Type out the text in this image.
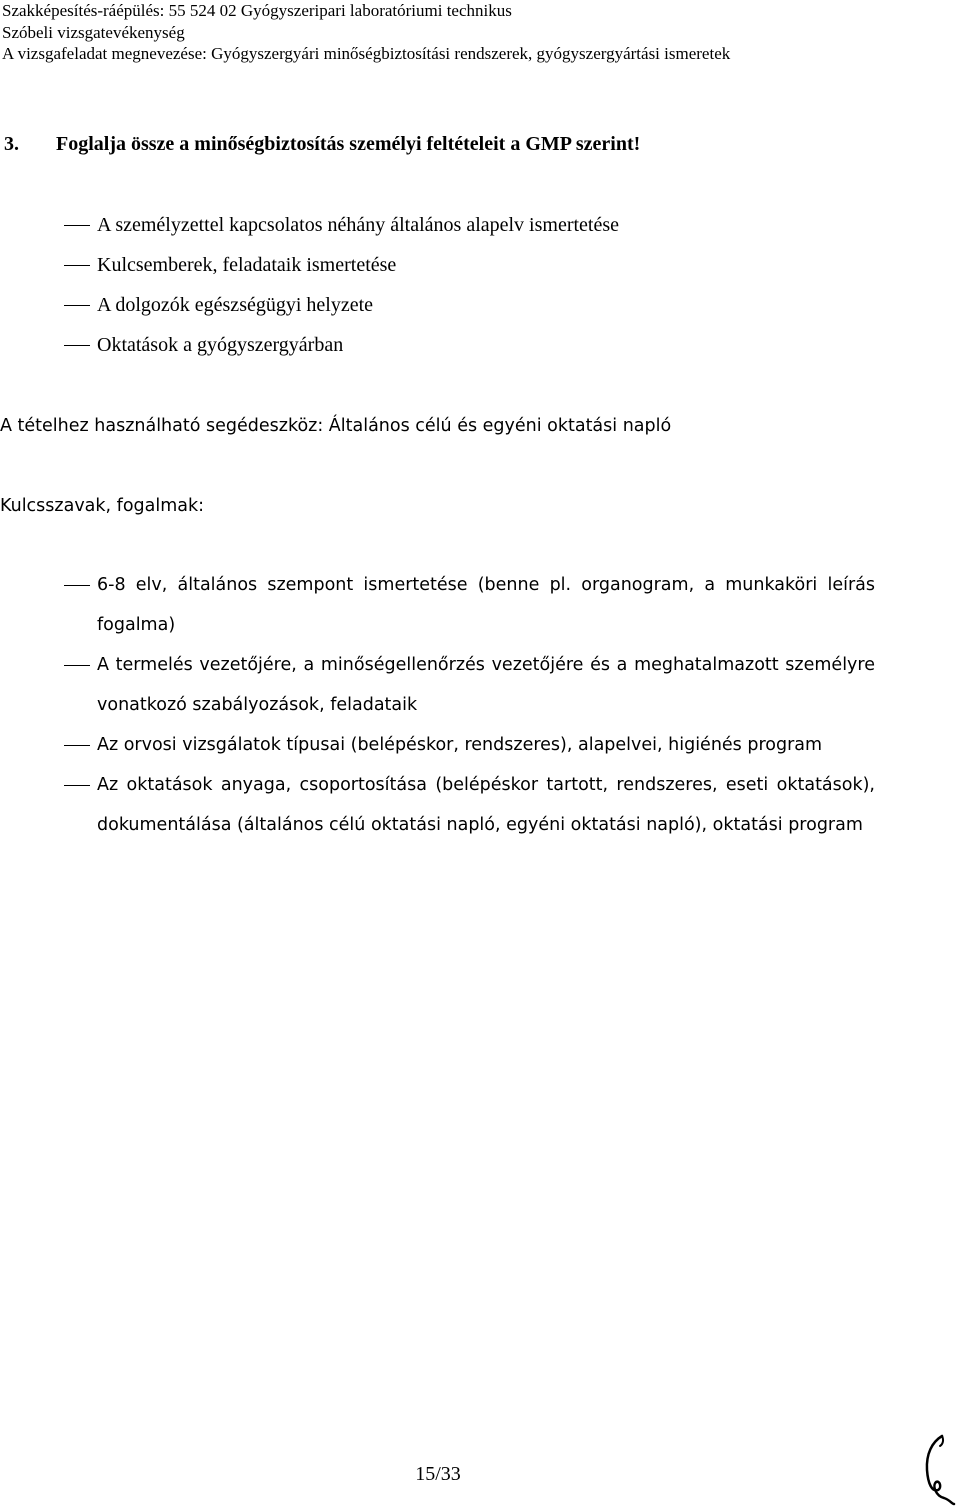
Szakképesítés-ráépülés: 55 524 02 Gyógyszeripari laboratóriumi technikus
Szóbeli vizsgatevékenység
A vizsgafeladat megnevezése: Gyógyszergyári minőségbiztosítási rendszerek, gyógyszergyártási ismeretek
3. Foglalja össze a minőségbiztosítás személyi feltételeit a GMP szerint!
A személyzettel kapcsolatos néhány általános alapelv ismertetése
Kulcsemberek, feladataik ismertetése
A dolgozók egészségügyi helyzete
Oktatások a gyógyszergyárban
A tételhez használható segédeszköz: Általános célú és egyéni oktatási napló
Kulcsszavak, fogalmak:
6-8 elv, általános szempont ismertetése (benne pl. organogram, a munkaköri leírás fogalma)
A termelés vezetőjére, a minőségellenőrzés vezetőjére és a meghatalmazott személyre vonatkozó szabályozások, feladataik
Az orvosi vizsgálatok típusai (belépéskor, rendszeres), alapelvei, higiénés program
Az oktatások anyaga, csoportosítása (belépéskor tartott, rendszeres, eseti oktatások), dokumentálása (általános célú oktatási napló, egyéni oktatási napló), oktatási program
15/33
